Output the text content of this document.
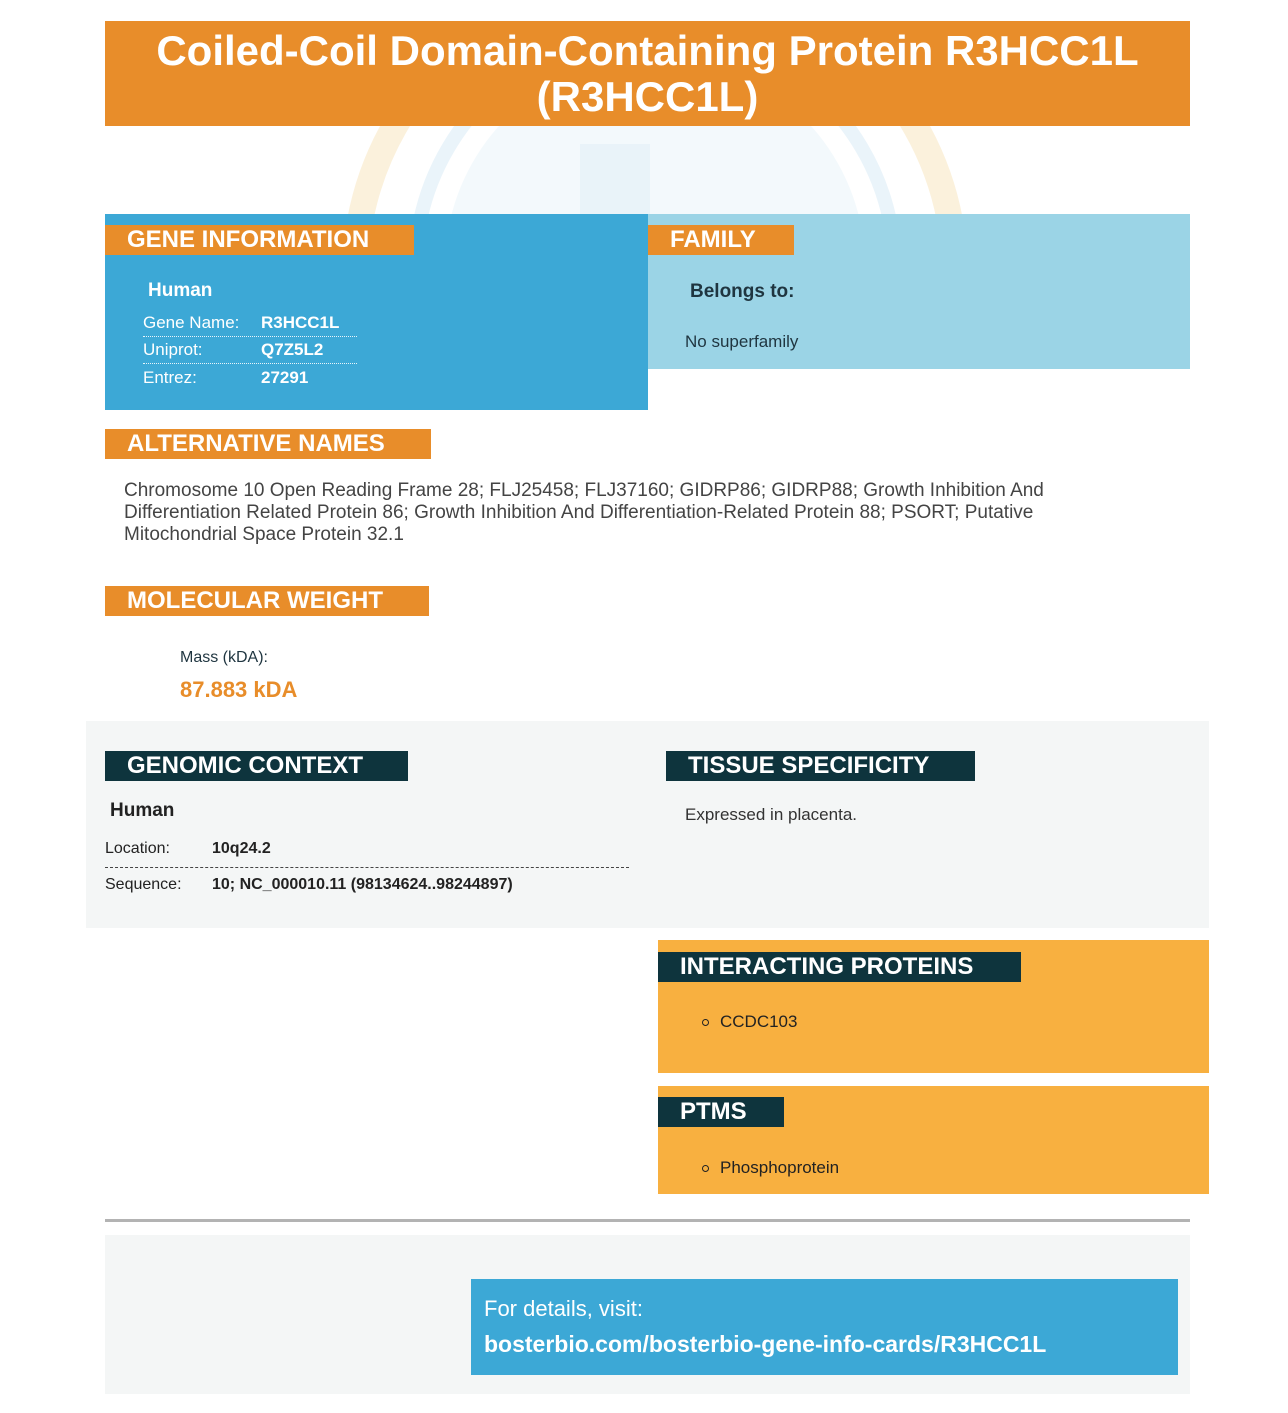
Coiled-Coil Domain-Containing Protein R3HCC1L
(R3HCC1L)
GENE INFORMATION
Human
Gene Name: R3HCC1L
Uniprot:	Q7Z5L2
Entrez:	27291
FAMILY
Belongs to:
No superfamily
ALTERNATIVE NAMES
Chromosome 10 Open Reading Frame 28; FLJ25458; FLJ37160; GIDRP86; GIDRP88; Growth Inhibition And Differentiation Related Protein 86; Growth Inhibition And Differentiation-Related Protein 88; PSORT; Putative Mitochondrial Space Protein 32.1
MOLECULAR WEIGHT
Mass (kDA):
87.883 kDA
GENOMIC CONTEXT
Human
Location:	10q24.2
Sequence: 10; NC_000010.11 (98134624..98244897)
TISSUE SPECIFICITY
Expressed in placenta.
INTERACTING PROTEINS
CCDC103
PTMS
Phosphoprotein
For details, visit:
bosterbio.com/bosterbio-gene-info-cards/R3HCC1L
